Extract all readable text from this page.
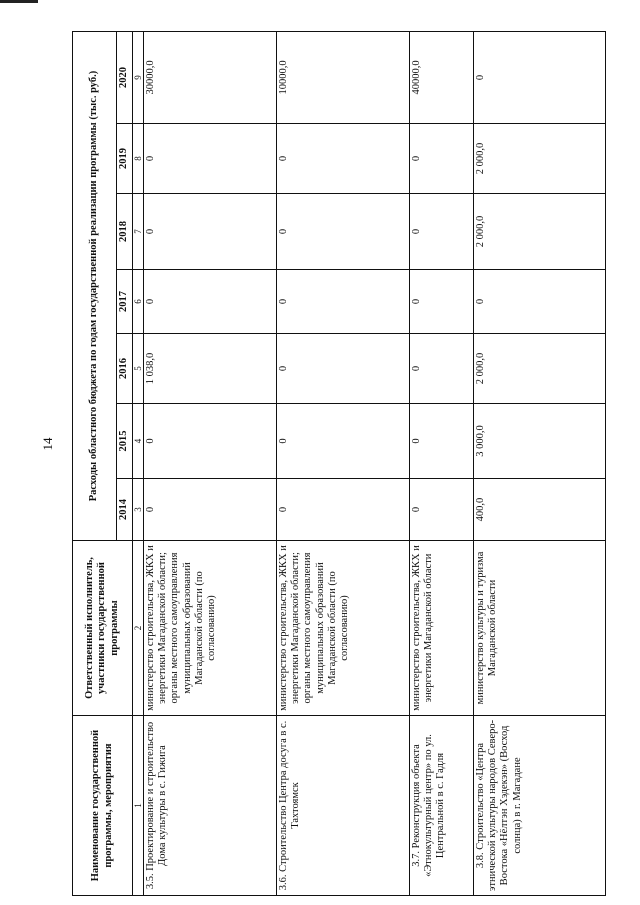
14
Наименование государственной программы, мероприятия	Ответственный исполнитель, участники государственной программы	Расходы областного бюджета по годам государственной реализации программы (тыс. руб.)						
		2014	2015	2016	2017	2018	2019	2020
1	2	3	4	5	6	7	8	9
3.5. Проектирование и строительство Дома культуры в с. Гижига	министерство строительства, ЖКХ и энергетики Магаданской области; органы местного самоуправления муниципальных образований Магаданской области (по согласованию)	0	0	1 038,0	0	0	0	30000,0
3.6. Строительство Центра досуга в с. Тахтоямск	министерство строительства, ЖКХ и энергетики Магаданской области; органы местного самоуправления муниципальных образований Магаданской области (по согласованию)	0	0	0	0	0	0	10000,0
3.7. Реконструкция объекта «Этнокультурный центр» по ул. Центральной в с. Гадля	министерство строительства, ЖКХ и энергетики Магаданской области	0	0	0	0	0	0	40000,0
3.8. Строительство «Центра этнической культуры народов Северо-Востока «Нёлтэн Хэдекэн» (Восход солнца) в г. Магадане	министерство культуры и туризма Магаданской области	400,0	3 000,0	2 000,0	0	2 000,0	2 000,0	0
